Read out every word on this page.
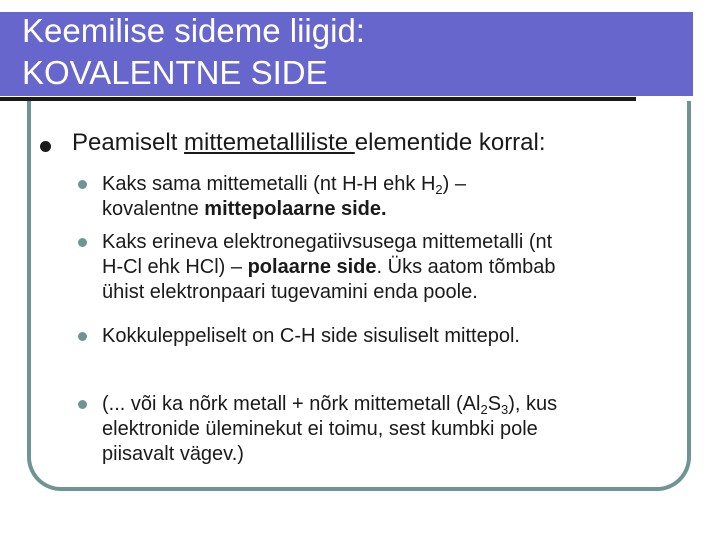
Keemilise sideme liigid:
KOVALENTNE SIDE

Peamiselt mittemetalliliste elementide korral:

Kaks sama mittemetalli (nt H-H ehk $H_2$) –
kovalentne mittepolaarne side.

Kaks erineva elektronegatiivsusega mittemetalli (nt
H-Cl ehk HCl) – polaarne side. Üks aatom tõmbab
ühist elektronpaari tugevamini enda poole.

Kokkuleppeliselt on C-H side sisuliselt mittepol.

(... või ka nõrk metall + nõrk mittemetall $(Al_2S_3)$, kus
elektronide üleminekut ei toimu, sest kumbki pole
piisavalt vägev.)
